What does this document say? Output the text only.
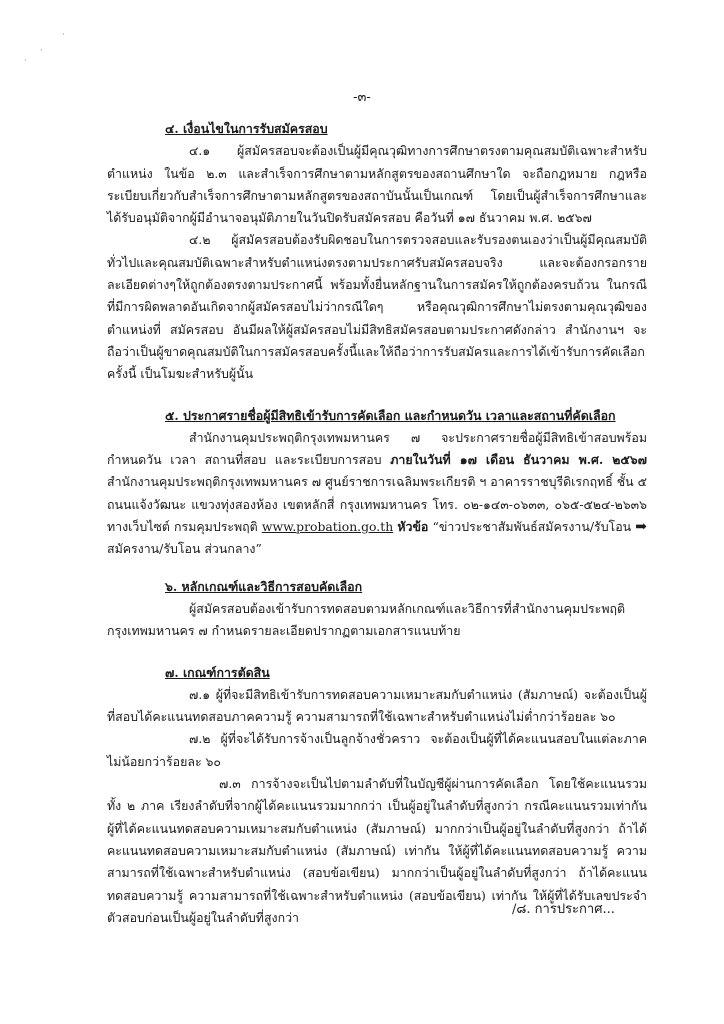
·
·
·
-๓-
๔. เงื่อนไขในการรับสมัครสอบ

๔.๑ ผู้สมัครสอบจะต้องเป็นผู้มีคุณวุฒิทางการศึกษาตรงตามคุณสมบัติเฉพาะสำหรับตำแหน่ง ในข้อ ๒.๓ และสำเร็จการศึกษาตามหลักสูตรของสถานศึกษาใด จะถือกฎหมาย กฎหรือระเบียบเกี่ยวกับสำเร็จการศึกษาตามหลักสูตรของสถาบันนั้นเป็นเกณฑ์ โดยเป็นผู้สำเร็จการศึกษาและได้รับอนุมัติจากผู้มีอำนาจอนุมัติภายในวันปิดรับสมัครสอบ คือวันที่ ๑๗ ธันวาคม พ.ศ. ๒๕๖๗

๔.๒ ผู้สมัครสอบต้องรับผิดชอบในการตรวจสอบและรับรองตนเองว่าเป็นผู้มีคุณสมบัติทั่วไปและคุณสมบัติเฉพาะสำหรับตำแหน่งตรงตามประกาศรับสมัครสอบจริง และจะต้องกรอกรายละเอียดต่างๆให้ถูกต้องตรงตามประกาศนี้ พร้อมทั้งยื่นหลักฐานในการสมัครให้ถูกต้องครบถ้วน ในกรณีที่มีการผิดพลาดอันเกิดจากผู้สมัครสอบไม่ว่ากรณีใดๆ หรือคุณวุฒิการศึกษาไม่ตรงตามคุณวุฒิของตำแหน่งที่ สมัครสอบ อันมีผลให้ผู้สมัครสอบไม่มีสิทธิสมัครสอบตามประกาศดังกล่าว สำนักงานฯ จะถือว่าเป็นผู้ขาดคุณสมบัติในการสมัครสอบครั้งนี้และให้ถือว่าการรับสมัครและการได้เข้ารับการคัดเลือกครั้งนี้ เป็นโมฆะสำหรับผู้นั้น

๕. ประกาศรายชื่อผู้มีสิทธิเข้ารับการคัดเลือก และกำหนดวัน เวลาและสถานที่คัดเลือก

สำนักงานคุมประพฤติกรุงเทพมหานคร ๗ จะประกาศรายชื่อผู้มีสิทธิเข้าสอบพร้อมกำหนดวัน เวลา สถานที่สอบ และระเบียบการสอบ ภายในวันที่ ๑๗ เดือน ธันวาคม พ.ศ. ๒๕๖๗ สำนักงานคุมประพฤติกรุงเทพมหานคร ๗ ศูนย์ราชการเฉลิมพระเกียรติ ฯ อาคารราชบุรีดิเรกฤทธิ์ ชั้น ๕ ถนนแจ้งวัฒนะ แขวงทุ่งสองห้อง เขตหลักสี่ กรุงเทพมหานคร โทร. ๐๒-๑๔๓-๐๖๓๓, ๐๖๕-๕๒๔-๒๖๓๖ ทางเว็บไซต์ กรมคุมประพฤติ www.probation.go.th หัวข้อ “ข่าวประชาสัมพันธ์สมัครงาน/รับโอน ➡ สมัครงาน/รับโอน ส่วนกลาง”

๖. หลักเกณฑ์และวิธีการสอบคัดเลือก

ผู้สมัครสอบต้องเข้ารับการทดสอบตามหลักเกณฑ์และวิธีการที่สำนักงานคุมประพฤติกรุงเทพมหานคร ๗ กำหนดรายละเอียดปรากฏตามเอกสารแนบท้าย

๗. เกณฑ์การตัดสิน

๗.๑ ผู้ที่จะมีสิทธิเข้ารับการทดสอบความเหมาะสมกับตำแหน่ง (สัมภาษณ์) จะต้องเป็นผู้ที่สอบได้คะแนนทดสอบภาคความรู้ ความสามารถที่ใช้เฉพาะสำหรับตำแหน่งไม่ต่ำกว่าร้อยละ ๖๐

๗.๒ ผู้ที่จะได้รับการจ้างเป็นลูกจ้างชั่วคราว จะต้องเป็นผู้ที่ได้คะแนนสอบในแต่ละภาคไม่น้อยกว่าร้อยละ ๖๐

๗.๓ การจ้างจะเป็นไปตามลำดับที่ในบัญชีผู้ผ่านการคัดเลือก โดยใช้คะแนนรวมทั้ง ๒ ภาค เรียงลำดับที่จากผู้ได้คะแนนรวมมากกว่า เป็นผู้อยู่ในลำดับที่สูงกว่า กรณีคะแนนรวมเท่ากัน ผู้ที่ได้คะแนนทดสอบความเหมาะสมกับตำแหน่ง (สัมภาษณ์) มากกว่าเป็นผู้อยู่ในลำดับที่สูงกว่า ถ้าได้คะแนนทดสอบความเหมาะสมกับตำแหน่ง (สัมภาษณ์) เท่ากัน ให้ผู้ที่ได้คะแนนทดสอบความรู้ ความสามารถที่ใช้เฉพาะสำหรับตำแหน่ง (สอบข้อเขียน) มากกว่าเป็นผู้อยู่ในลำดับที่สูงกว่า ถ้าได้คะแนนทดสอบความรู้ ความสามารถที่ใช้เฉพาะสำหรับตำแหน่ง (สอบข้อเขียน) เท่ากัน ให้ผู้ที่ได้รับเลขประจำตัวสอบก่อนเป็นผู้อยู่ในลำดับที่สูงกว่า

/๘. การประกาศ...
